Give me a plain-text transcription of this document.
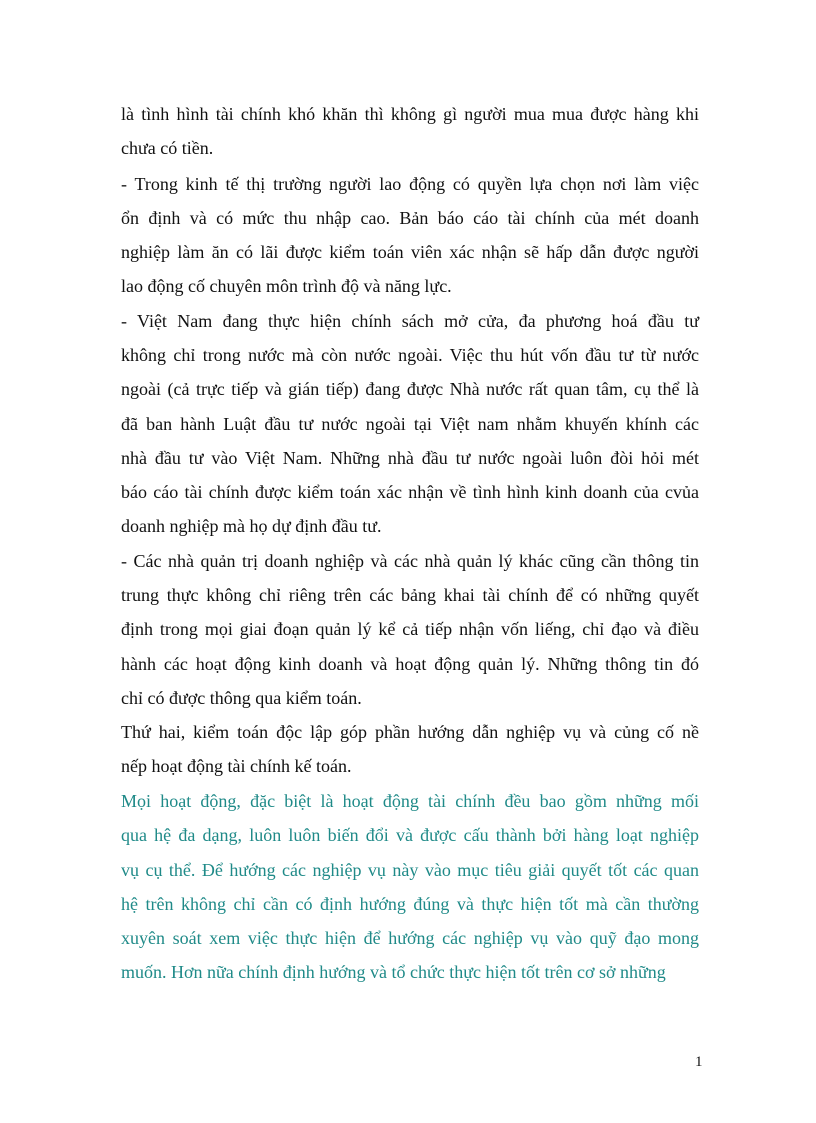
là tình hình tài chính khó khăn thì không gì người mua mua được hàng khi
chưa có tiền.
- Trong kinh tế thị trường người lao động có quyền lựa chọn nơi làm việc
ổn định và có mức thu nhập cao. Bản báo cáo tài chính của mét doanh
nghiệp làm ăn có lãi được kiểm toán viên xác nhận sẽ hấp dẫn được người
lao động cố chuyên môn trình độ và năng lực.
- Việt Nam đang thực hiện chính sách mở cửa, đa phương hoá đầu tư
không chỉ trong nước mà còn nước ngoài. Việc thu hút vốn đầu tư từ nước
ngoài (cả trực tiếp và gián tiếp) đang được Nhà nước rất quan tâm, cụ thể là
đã ban hành Luật đầu tư nước ngoài tại Việt nam nhằm khuyến khính các
nhà đầu tư vào Việt Nam. Những nhà đầu tư nước ngoài luôn đòi hỏi mét
báo cáo tài chính được kiểm toán xác nhận về tình hình kinh doanh của cvủa
doanh nghiệp mà họ dự định đầu tư.
- Các nhà quản trị doanh nghiệp và các nhà quản lý khác cũng cần thông tin
trung thực không chỉ riêng trên các bảng khai tài chính để có những quyết
định trong mọi giai đoạn quản lý kể cả tiếp nhận vốn liếng, chỉ đạo và điều
hành các hoạt động kinh doanh và hoạt động quản lý. Những thông tin đó
chỉ có được thông qua kiểm toán.
Thứ hai, kiểm toán độc lập góp phần hướng dẫn nghiệp vụ và củng cố nề
nếp hoạt động tài chính kế toán.
Mọi hoạt động, đặc biệt là hoạt động tài chính đều bao gồm những mối
qua hệ đa dạng, luôn luôn biến đổi và được cấu thành bởi hàng loạt nghiệp
vụ cụ thể. Để hướng các nghiệp vụ này vào mục tiêu giải quyết tốt các quan
hệ trên không chỉ cần có định hướng đúng và thực hiện tốt mà cần thường
xuyên soát xem việc thực hiện để hướng các nghiệp vụ vào quỹ đạo mong
muốn. Hơn nữa chính định hướng và tổ chức thực hiện tốt trên cơ sở những
1
